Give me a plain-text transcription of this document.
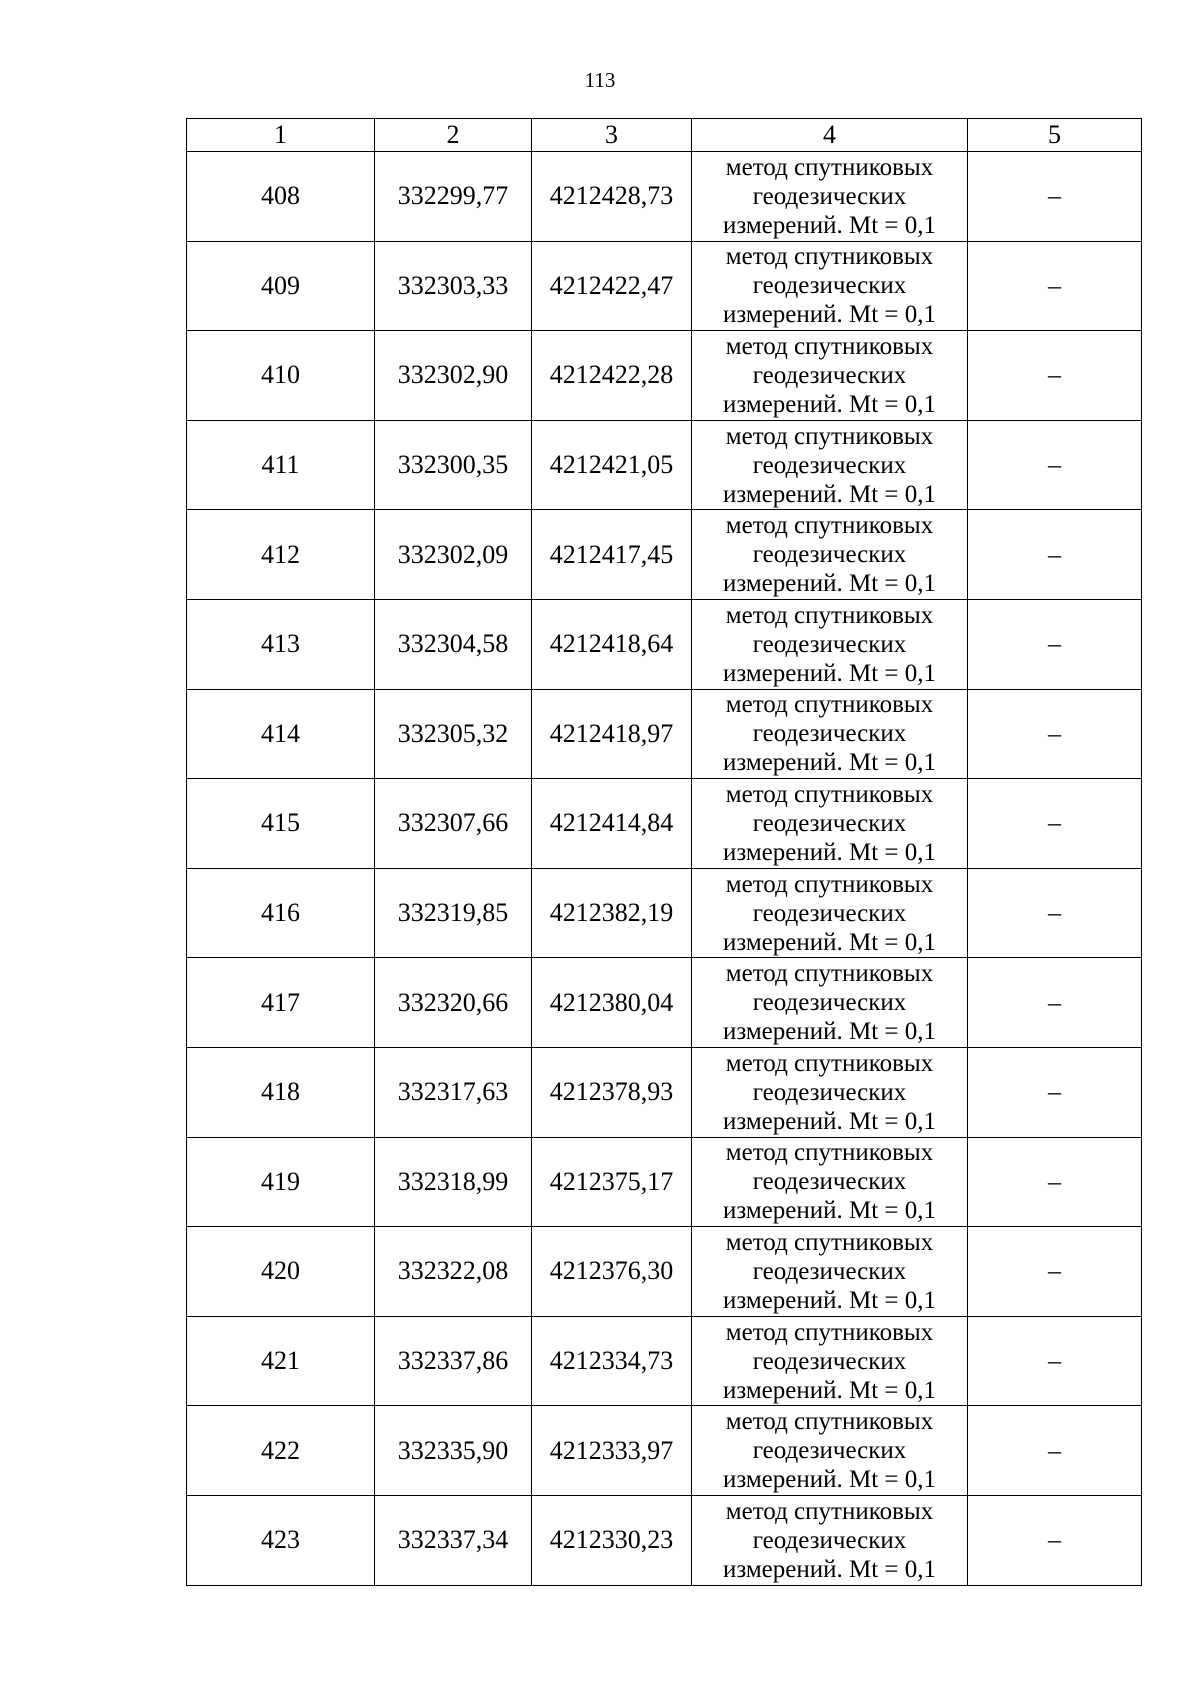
113
1	2	3	4	5
408	332299,77	4212428,73	метод спутниковых
геодезических
измерений. Mt = 0,1	–
409	332303,33	4212422,47	метод спутниковых
геодезических
измерений. Mt = 0,1	–
410	332302,90	4212422,28	метод спутниковых
геодезических
измерений. Mt = 0,1	–
411	332300,35	4212421,05	метод спутниковых
геодезических
измерений. Mt = 0,1	–
412	332302,09	4212417,45	метод спутниковых
геодезических
измерений. Mt = 0,1	–
413	332304,58	4212418,64	метод спутниковых
геодезических
измерений. Mt = 0,1	–
414	332305,32	4212418,97	метод спутниковых
геодезических
измерений. Mt = 0,1	–
415	332307,66	4212414,84	метод спутниковых
геодезических
измерений. Mt = 0,1	–
416	332319,85	4212382,19	метод спутниковых
геодезических
измерений. Mt = 0,1	–
417	332320,66	4212380,04	метод спутниковых
геодезических
измерений. Mt = 0,1	–
418	332317,63	4212378,93	метод спутниковых
геодезических
измерений. Mt = 0,1	–
419	332318,99	4212375,17	метод спутниковых
геодезических
измерений. Mt = 0,1	–
420	332322,08	4212376,30	метод спутниковых
геодезических
измерений. Mt = 0,1	–
421	332337,86	4212334,73	метод спутниковых
геодезических
измерений. Mt = 0,1	–
422	332335,90	4212333,97	метод спутниковых
геодезических
измерений. Mt = 0,1	–
423	332337,34	4212330,23	метод спутниковых
геодезических
измерений. Mt = 0,1	–
